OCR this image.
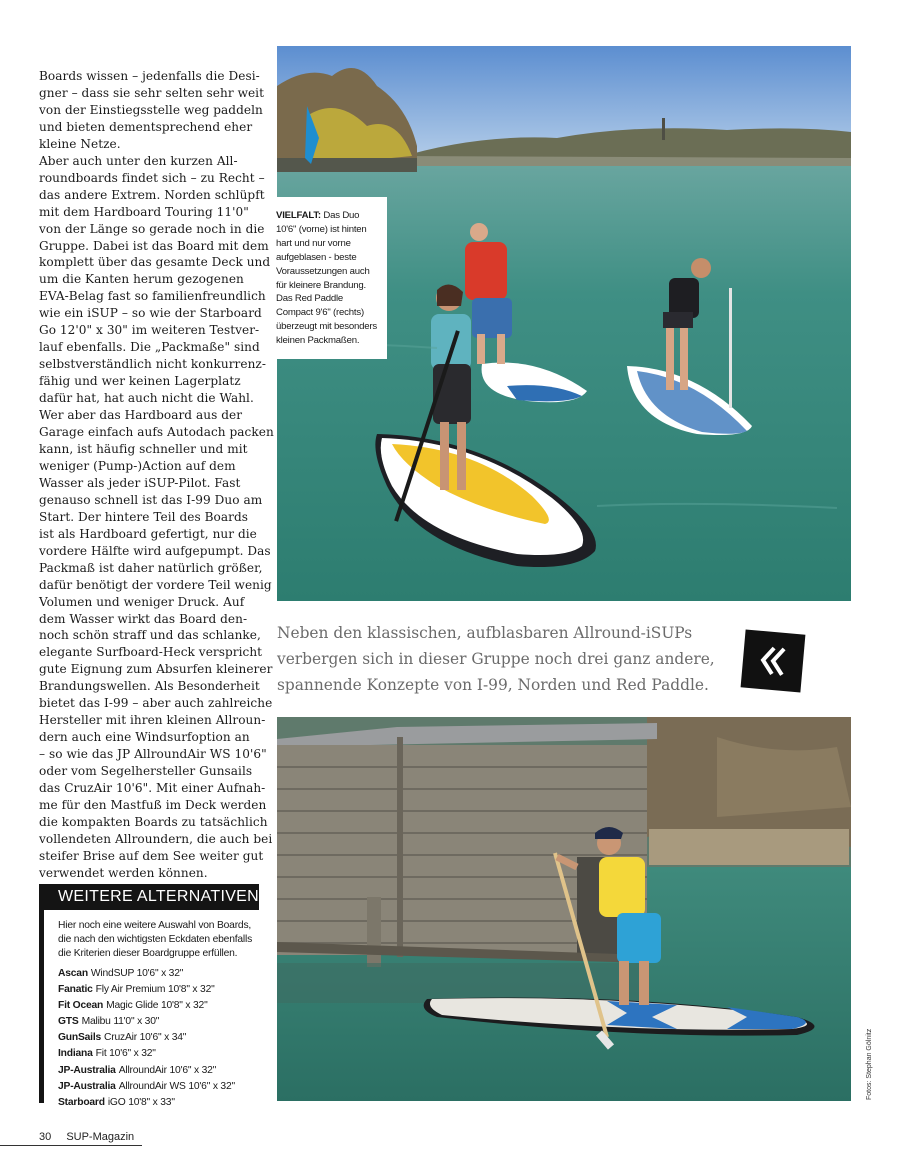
Boards wissen – jedenfalls die Desi-
gner – dass sie sehr selten sehr weit
von der Einstiegsstelle weg paddeln
und bieten dementsprechend eher
kleine Netze.
Aber auch unter den kurzen All-
roundboards findet sich – zu Recht –
das andere Extrem. Norden schlüpft
mit dem Hardboard Touring 11'0"
von der Länge so gerade noch in die
Gruppe. Dabei ist das Board mit dem
komplett über das gesamte Deck und
um die Kanten herum gezogenen
EVA-Belag fast so familienfreundlich
wie ein iSUP – so wie der Starboard
Go 12'0" x 30" im weiteren Testver-
lauf ebenfalls. Die „Packmaße" sind
selbstverständlich nicht konkurrenz-
fähig und wer keinen Lagerplatz
dafür hat, hat auch nicht die Wahl.
Wer aber das Hardboard aus der
Garage einfach aufs Autodach packen
kann, ist häufig schneller und mit
weniger (Pump-)Action auf dem
Wasser als jeder iSUP-Pilot. Fast
genauso schnell ist das I-99 Duo am
Start. Der hintere Teil des Boards
ist als Hardboard gefertigt, nur die
vordere Hälfte wird aufgepumpt. Das
Packmaß ist daher natürlich größer,
dafür benötigt der vordere Teil wenig
Volumen und weniger Druck. Auf
dem Wasser wirkt das Board den-
noch schön straff und das schlanke,
elegante Surfboard-Heck verspricht
gute Eignung zum Absurfen kleinerer
Brandungswellen. Als Besonderheit
bietet das I-99 – aber auch zahlreiche
Hersteller mit ihren kleinen Allroun-
dern auch eine Windsurfoption an
– so wie das JP AllroundAir WS 10'6"
oder vom Segelhersteller Gunsails
das CruzAir 10'6". Mit einer Aufnah-
me für den Mastfuß im Deck werden
die kompakten Boards zu tatsächlich
vollendeten Allroundern, die auch bei
steifer Brise auf dem See weiter gut
verwendet werden können.
VIELFALT: Das Duo
10'6" (vorne) ist hinten
hart und nur vorne
aufgeblasen - beste
Voraussetzungen auch
für kleinere Brandung.
Das Red Paddle
Compact 9'6" (rechts)
überzeugt mit besonders
kleinen Packmaßen.
Neben den klassischen, aufblasbaren Allround-iSUPs
verbergen sich in dieser Gruppe noch drei ganz andere,
spannende Konzepte von I-99, Norden und Red Paddle.
WEITERE ALTERNATIVEN
Hier noch eine weitere Auswahl von Boards,
die nach den wichtigsten Eckdaten ebenfalls
die Kriterien dieser Boardgruppe erfüllen.
Ascan WindSUP 10'6" x 32"
Fanatic Fly Air Premium 10'8" x 32"
Fit Ocean Magic Glide 10'8" x 32"
GTS Malibu 11'0" x 30"
GunSails CruzAir 10'6" x 34"
Indiana Fit 10'6" x 32"
JP-Australia AllroundAir 10'6" x 32"
JP-Australia AllroundAir WS 10'6" x 32"
Starboard iGO 10'8" x 33"
Fotos: Stephan Gölnitz
30 SUP-Magazin
